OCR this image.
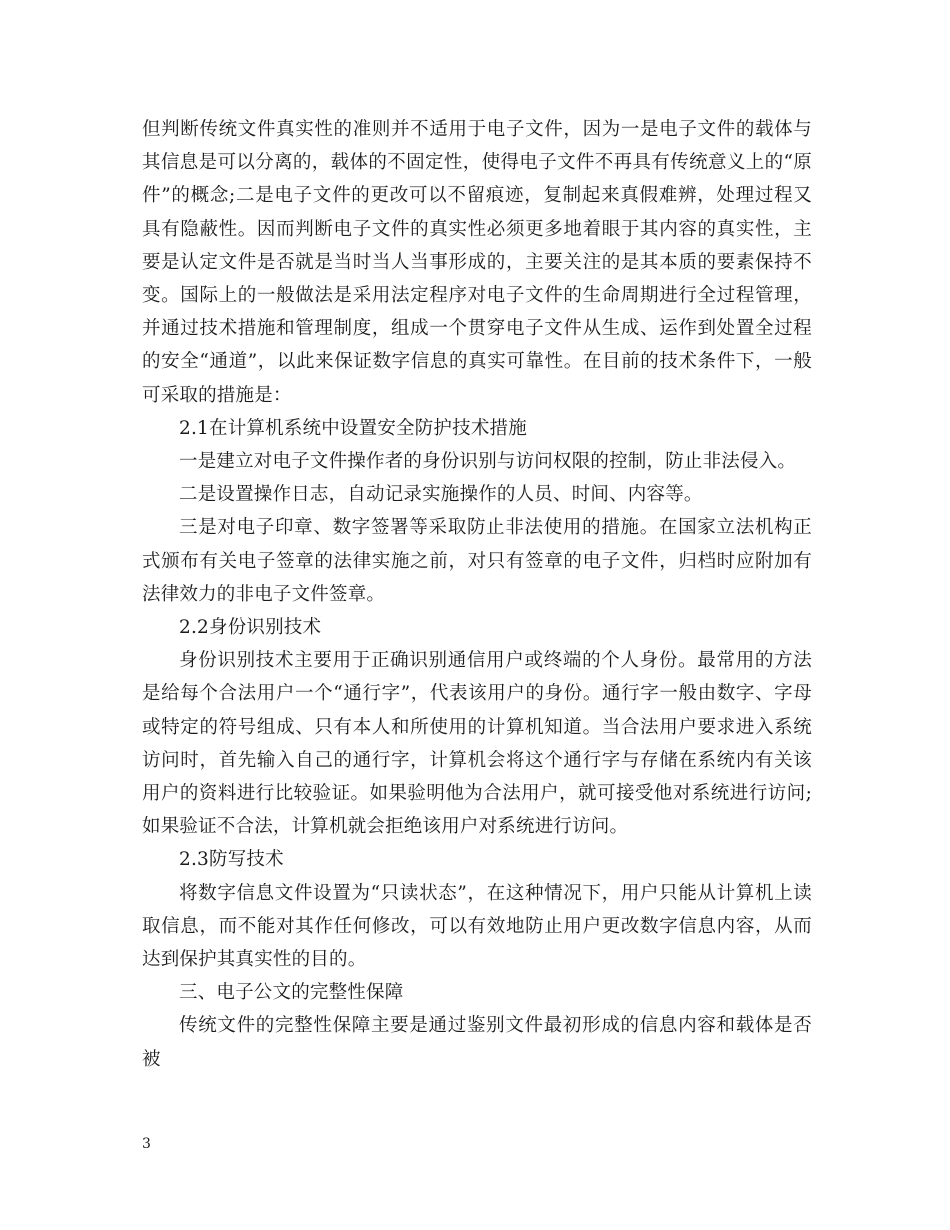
但判断传统文件真实性的准则并不适用于电子文件，因为一是电子文件的载体与其信息是可以分离的，载体的不固定性，使得电子文件不再具有传统意义上的“原件”的概念;二是电子文件的更改可以不留痕迹，复制起来真假难辨，处理过程又具有隐蔽性。因而判断电子文件的真实性必须更多地着眼于其内容的真实性，主要是认定文件是否就是当时当人当事形成的，主要关注的是其本质的要素保持不变。国际上的一般做法是采用法定程序对电子文件的生命周期进行全过程管理，并通过技术措施和管理制度，组成一个贯穿电子文件从生成、运作到处置全过程的安全“通道”，以此来保证数字信息的真实可靠性。在目前的技术条件下，一般可采取的措施是：

2.1在计算机系统中设置安全防护技术措施

一是建立对电子文件操作者的身份识别与访问权限的控制，防止非法侵入。

二是设置操作日志，自动记录实施操作的人员、时间、内容等。

三是对电子印章、数字签署等采取防止非法使用的措施。在国家立法机构正式颁布有关电子签章的法律实施之前，对只有签章的电子文件，归档时应附加有法律效力的非电子文件签章。

2.2身份识别技术

身份识别技术主要用于正确识别通信用户或终端的个人身份。最常用的方法是给每个合法用户一个“通行字”，代表该用户的身份。通行字一般由数字、字母或特定的符号组成、只有本人和所使用的计算机知道。当合法用户要求进入系统访问时，首先输入自己的通行字，计算机会将这个通行字与存储在系统内有关该用户的资料进行比较验证。如果验明他为合法用户，就可接受他对系统进行访问;如果验证不合法，计算机就会拒绝该用户对系统进行访问。

2.3防写技术

将数字信息文件设置为“只读状态”，在这种情况下，用户只能从计算机上读取信息，而不能对其作任何修改，可以有效地防止用户更改数字信息内容，从而达到保护其真实性的目的。

三、电子公文的完整性保障

传统文件的完整性保障主要是通过鉴别文件最初形成的信息内容和载体是否被

3
